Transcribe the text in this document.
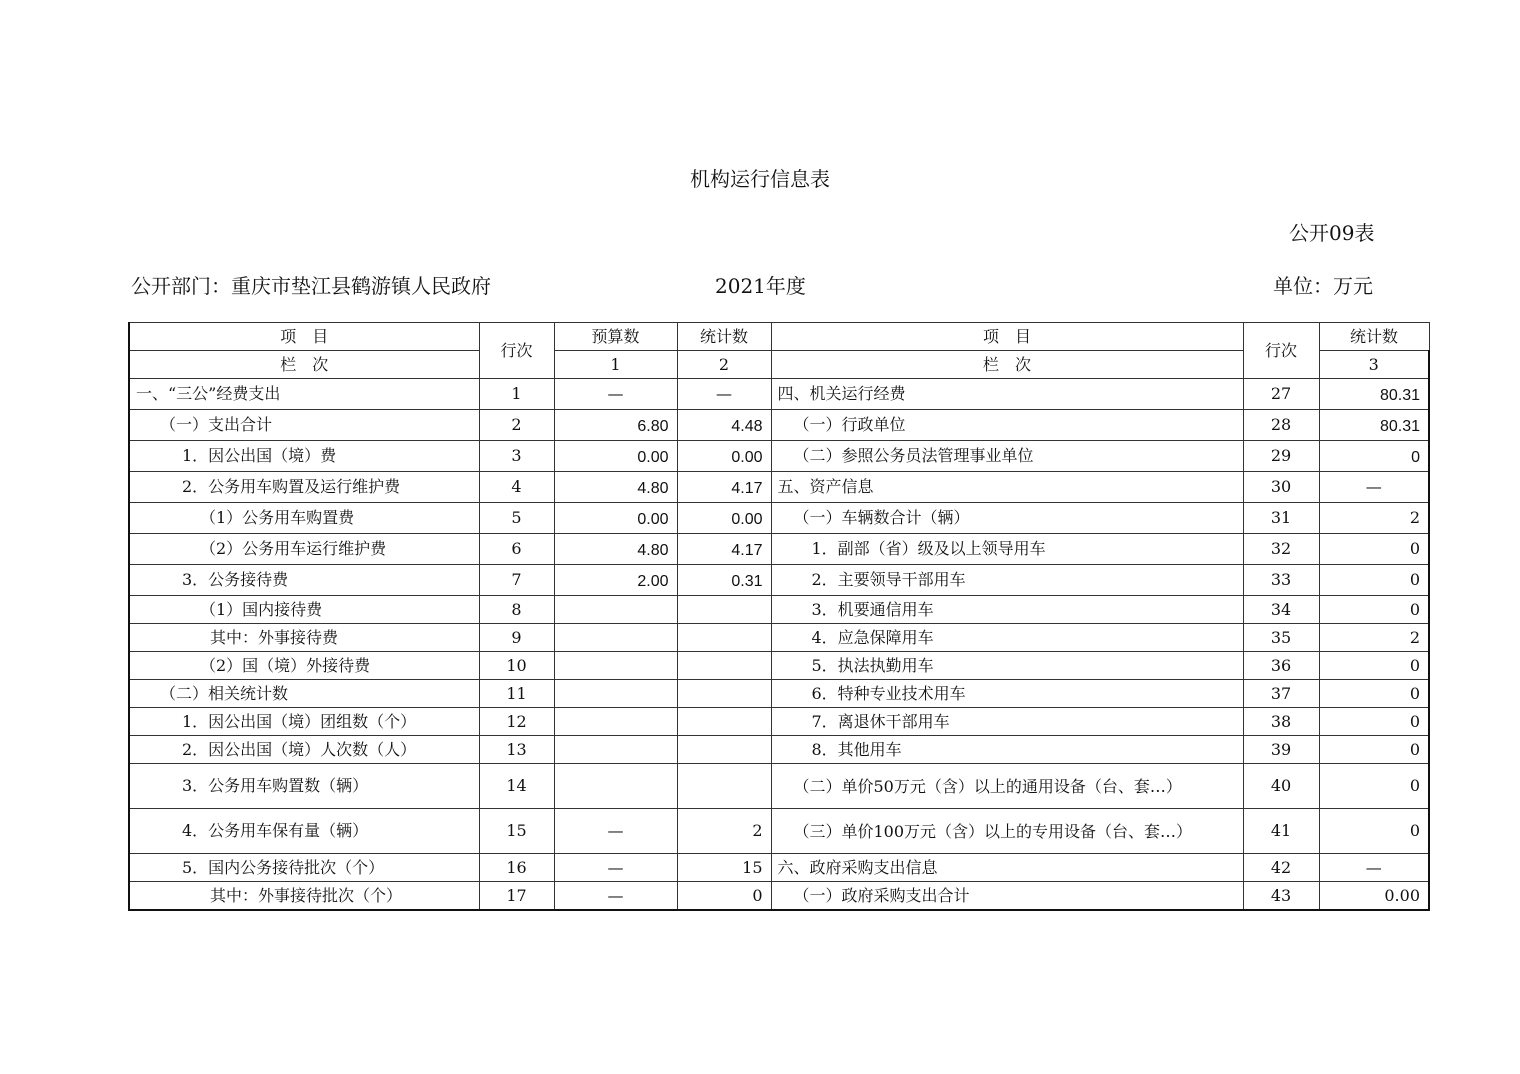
机构运行信息表
公开09表
公开部门：重庆市垫江县鹤游镇人民政府	2021年度	单位：万元
项　目	行次	预算数	统计数	项　目	行次	统计数
栏　次		1	2	栏　次		3
一、“三公”经费支出	1	—	—	四、机关运行经费	27	80.31
（一）支出合计	2	6.80	4.48	（一）行政单位	28	80.31
1．因公出国（境）费	3	0.00	0.00	（二）参照公务员法管理事业单位	29	0
2．公务用车购置及运行维护费	4	4.80	4.17	五、资产信息	30	—
（1）公务用车购置费	5	0.00	0.00	（一）车辆数合计（辆）	31	2
（2）公务用车运行维护费	6	4.80	4.17	1．副部（省）级及以上领导用车	32	0
3．公务接待费	7	2.00	0.31	2．主要领导干部用车	33	0
（1）国内接待费	8			3．机要通信用车	34	0
其中：外事接待费	9			4．应急保障用车	35	2
（2）国（境）外接待费	10			5．执法执勤用车	36	0
（二）相关统计数	11			6．特种专业技术用车	37	0
1．因公出国（境）团组数（个）	12			7．离退休干部用车	38	0
2．因公出国（境）人次数（人）	13			8．其他用车	39	0
3．公务用车购置数（辆）	14			（二）单价50万元（含）以上的通用设备（台、套…）	40	0
4．公务用车保有量（辆）	15	—	2	（三）单价100万元（含）以上的专用设备（台、套…）	41	0
5．国内公务接待批次（个）	16	—	15	六、政府采购支出信息	42	—
其中：外事接待批次（个）	17	—	0	（一）政府采购支出合计	43	0.00
